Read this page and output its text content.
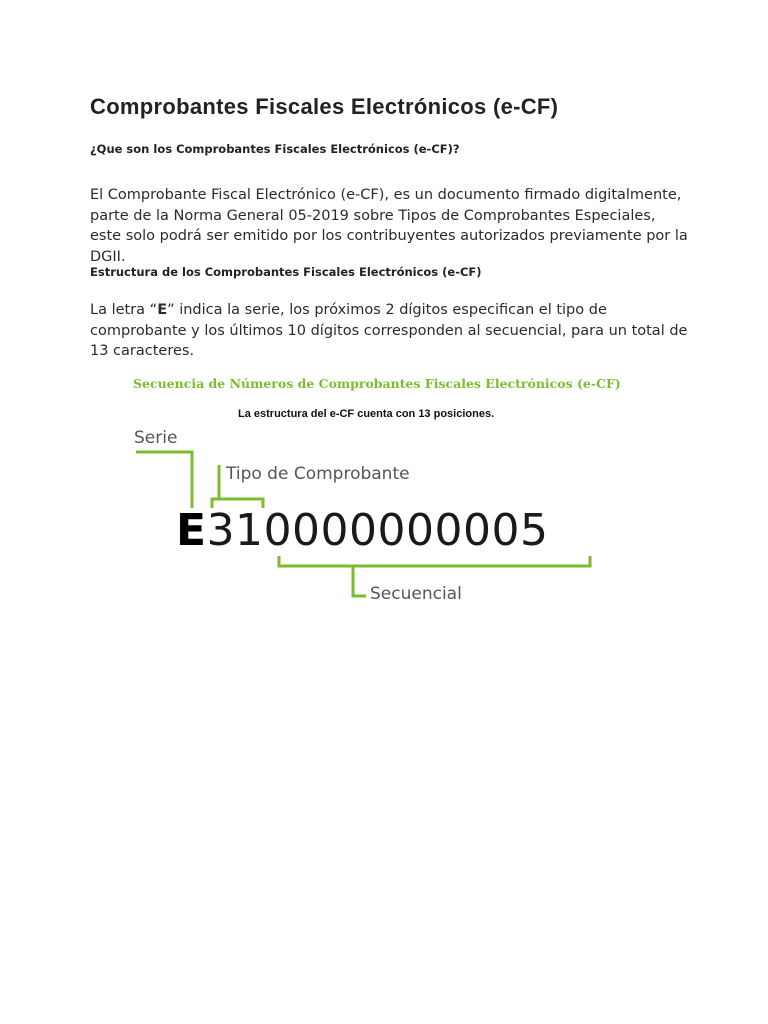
Comprobantes Fiscales Electrónicos (e-CF)
¿Que son los Comprobantes Fiscales Electrónicos (e-CF)?

El Comprobante Fiscal Electrónico (e-CF), es un documento firmado digitalmente, parte de la Norma General 05-2019 sobre Tipos de Comprobantes Especiales, este solo podrá ser emitido por los contribuyentes autorizados previamente por la DGII.

Estructura de los Comprobantes Fiscales Electrónicos (e-CF)

La letra “E” indica la serie, los próximos 2 dígitos especifican el tipo de comprobante y los últimos 10 dígitos corresponden al secuencial, para un total de 13 caracteres.

Secuencia de Números de Comprobantes Fiscales Electrónicos (e-CF)
La estructura del e-CF cuenta con 13 posiciones.
Serie
Tipo de Comprobante
Secuencial
E310000000005
